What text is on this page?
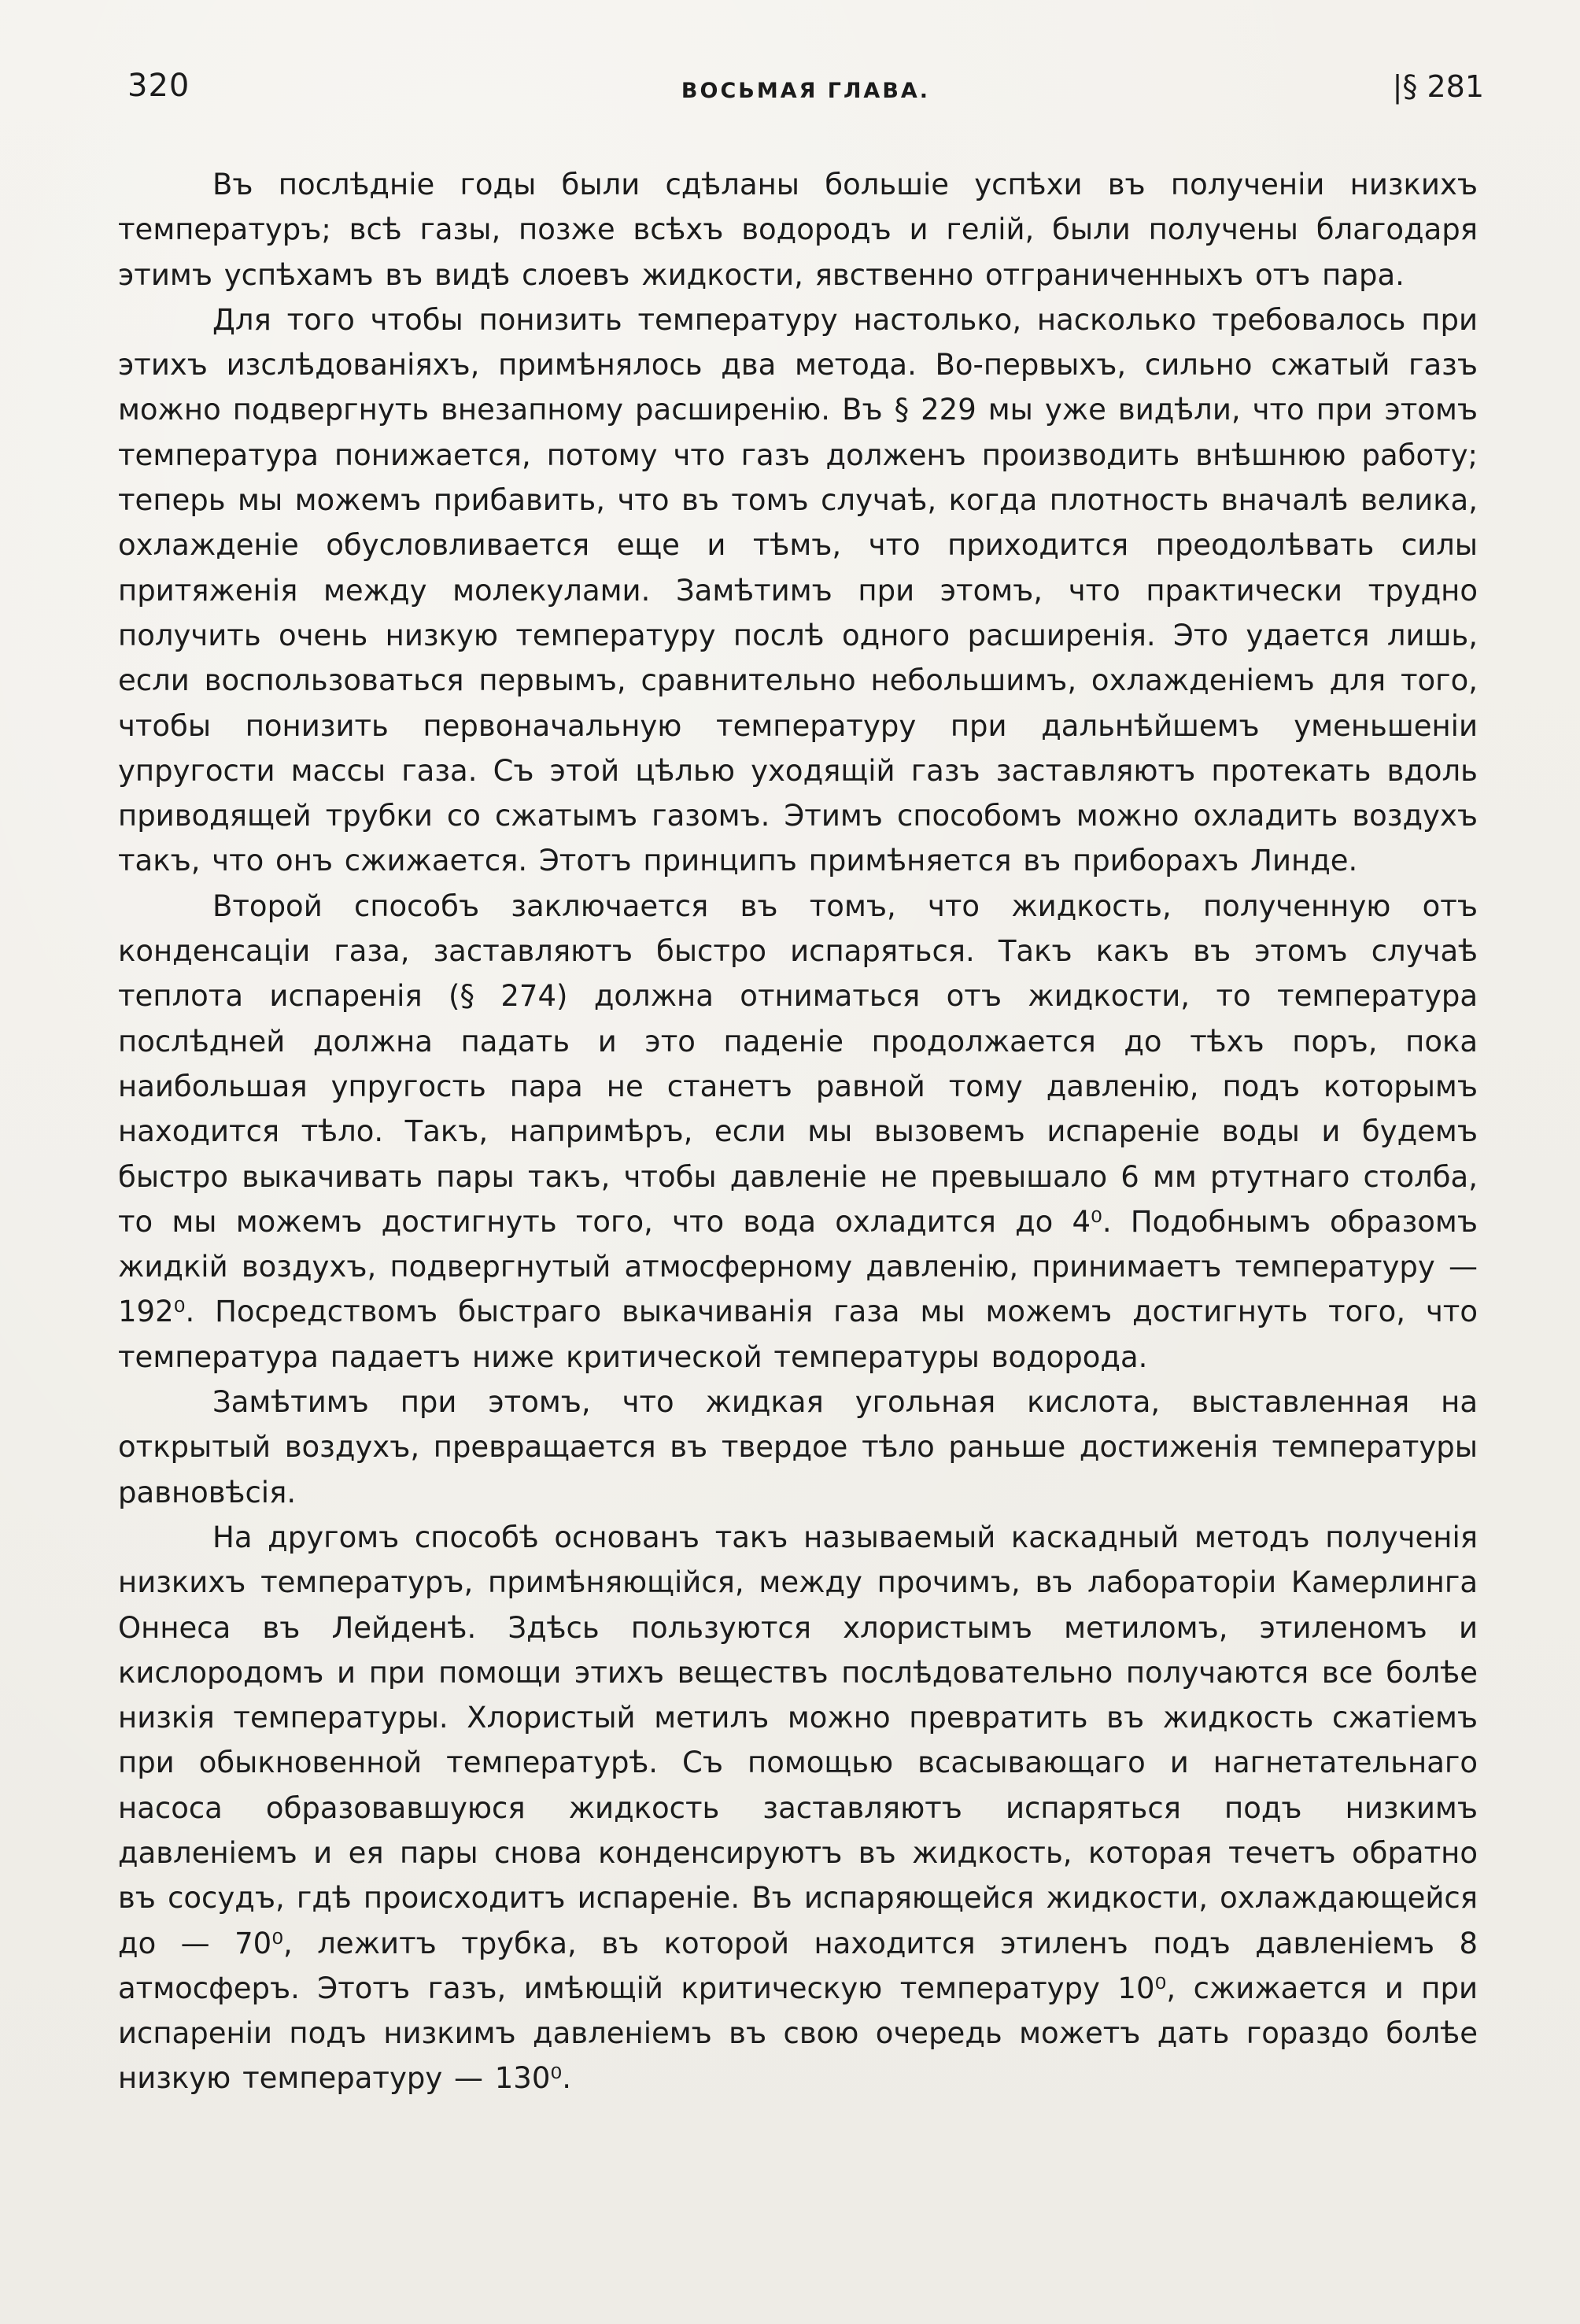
320	ВОСЬМАЯ ГЛАВА.	|§ 281

Въ послѣдніе годы были сдѣланы большіе успѣхи въ полученіи низкихъ температуръ; всѣ газы, позже всѣхъ водородъ и гелій, были получены благодаря этимъ успѣхамъ въ видѣ слоевъ жидкости, явственно отграниченныхъ отъ пара.

Для того чтобы понизить температуру настолько, насколько требовалось при этихъ изслѣдованіяхъ, примѣнялось два метода. Во-первыхъ, сильно сжатый газъ можно подвергнуть внезапному расширенію. Въ § 229 мы уже видѣли, что при этомъ температура понижается, потому что газъ долженъ производить внѣшнюю работу; теперь мы можемъ прибавить, что въ томъ случаѣ, когда плотность вначалѣ велика, охлажденіе обусловливается еще и тѣмъ, что приходится преодолѣвать силы притяженія между молекулами. Замѣтимъ при этомъ, что практически трудно получить очень низкую температуру послѣ одного расширенія. Это удается лишь, если воспользоваться первымъ, сравнительно небольшимъ, охлажденіемъ для того, чтобы понизить первоначальную температуру при дальнѣйшемъ уменьшеніи упругости массы газа. Съ этой цѣлью уходящій газъ заставляютъ протекать вдоль приводящей трубки со сжатымъ газомъ. Этимъ способомъ можно охладить воздухъ такъ, что онъ сжижается. Этотъ принципъ примѣняется въ приборахъ Линде.

Второй способъ заключается въ томъ, что жидкость, полученную отъ конденсаціи газа, заставляютъ быстро испаряться. Такъ какъ въ этомъ случаѣ теплота испаренія (§ 274) должна отниматься отъ жидкости, то температура послѣдней должна падать и это паденіе продолжается до тѣхъ поръ, пока наибольшая упругость пара не станетъ равной тому давленію, подъ которымъ находится тѣло. Такъ, напримѣръ, если мы вызовемъ испареніе воды и будемъ быстро выкачивать пары такъ, чтобы давленіе не превышало 6 мм ртутнаго столба, то мы можемъ достигнуть того, что вода охладится до 4⁰. Подобнымъ образомъ жидкій воздухъ, подвергнутый атмосферному давленію, принимаетъ температуру — 192⁰. Посредствомъ быстраго выкачиванія газа мы можемъ достигнуть того, что температура падаетъ ниже критической температуры водорода.

Замѣтимъ при этомъ, что жидкая угольная кислота, выставленная на открытый воздухъ, превращается въ твердое тѣло раньше достиженія температуры равновѣсія.

На другомъ способѣ основанъ такъ называемый каскадный методъ полученія низкихъ температуръ, примѣняющійся, между прочимъ, въ лабораторіи Камерлинга Оннеса въ Лейденѣ. Здѣсь пользуются хлористымъ метиломъ, этиленомъ и кислородомъ и при помощи этихъ веществъ послѣдовательно получаются все болѣе низкія температуры. Хлористый метилъ можно превратить въ жидкость сжатіемъ при обыкновенной температурѣ. Съ помощью всасывающаго и нагнетательнаго насоса образовавшуюся жидкость заставляютъ испаряться подъ низкимъ давленіемъ и ея пары снова конденсируютъ въ жидкость, которая течетъ обратно въ сосудъ, гдѣ происходитъ испареніе. Въ испаряющейся жидкости, охлаждающейся до — 70⁰, лежитъ трубка, въ которой находится этиленъ подъ давленіемъ 8 атмосферъ. Этотъ газъ, имѣющій критическую температуру 10⁰, сжижается и при испареніи подъ низкимъ давленіемъ въ свою очередь можетъ дать гораздо болѣе низкую температуру — 130⁰.
